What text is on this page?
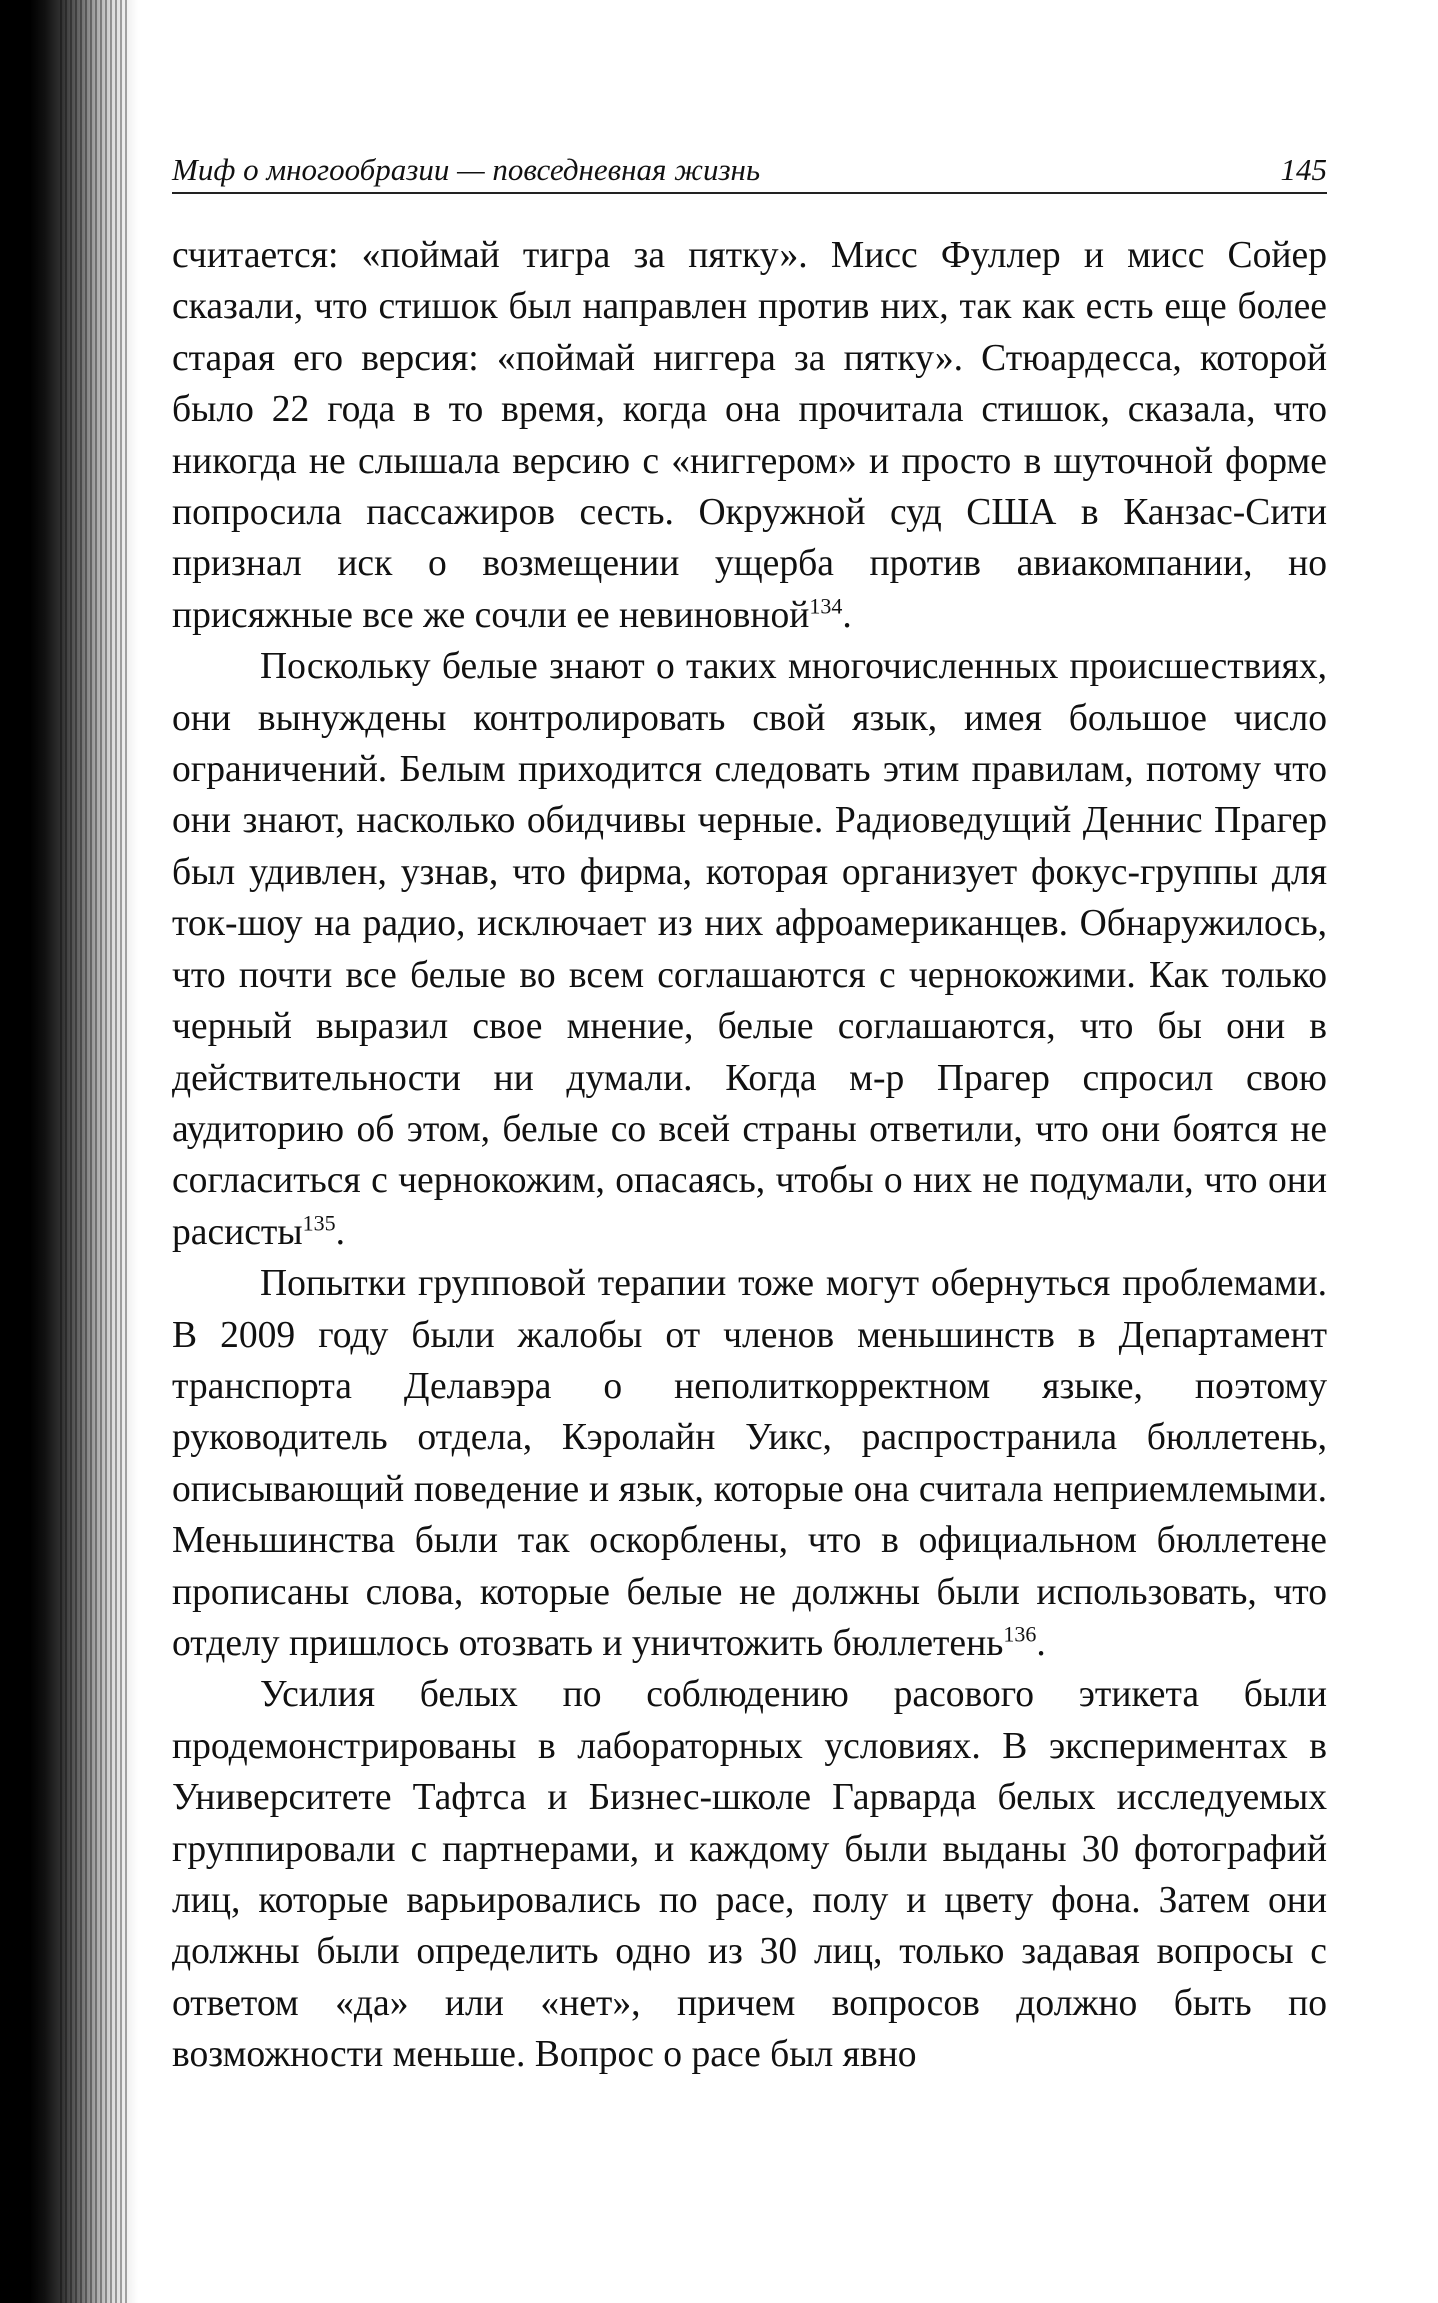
Миф о многообразии — повседневная жизнь	145

считается: «поймай тигра за пятку». Мисс Фуллер и мисс Сойер сказали, что стишок был направлен против них, так как есть еще более старая его версия: «поймай ниггера за пятку». Стюардесса, которой было 22 года в то время, когда она прочитала стишок, сказала, что никогда не слышала версию с «ниггером» и просто в шуточной форме попросила пассажиров сесть. Окружной суд США в Канзас-Сити признал иск о возмещении ущерба против авиакомпании, но присяжные все же сочли ее невиновной$^{134}$.

Поскольку белые знают о таких многочисленных происшествиях, они вынуждены контролировать свой язык, имея большое число ограничений. Белым приходится следовать этим правилам, потому что они знают, насколько обидчивы черные. Радиоведущий Деннис Прагер был удивлен, узнав, что фирма, которая организует фокус-группы для ток-шоу на радио, исключает из них афроамериканцев. Обнаружилось, что почти все белые во всем соглашаются с чернокожими. Как только черный выразил свое мнение, белые соглашаются, что бы они в действительности ни думали. Когда м-р Прагер спросил свою аудиторию об этом, белые со всей страны ответили, что они боятся не согласиться с чернокожим, опасаясь, чтобы о них не подумали, что они расисты$^{135}$.

Попытки групповой терапии тоже могут обернуться проблемами. В 2009 году были жалобы от членов меньшинств в Департамент транспорта Делавэра о неполиткорректном языке, поэтому руководитель отдела, Кэролайн Уикс, распространила бюллетень, описывающий поведение и язык, которые она считала неприемлемыми. Меньшинства были так оскорблены, что в официальном бюллетене прописаны слова, которые белые не должны были использовать, что отделу пришлось отозвать и уничтожить бюллетень$^{136}$.

Усилия белых по соблюдению расового этикета были продемонстрированы в лабораторных условиях. В экспериментах в Университете Тафтса и Бизнес-школе Гарварда белых исследуемых группировали с партнерами, и каждому были выданы 30 фотографий лиц, которые варьировались по расе, полу и цвету фона. Затем они должны были определить одно из 30 лиц, только задавая вопросы с ответом «да» или «нет», причем вопросов должно быть по возможности меньше. Вопрос о расе был явно
